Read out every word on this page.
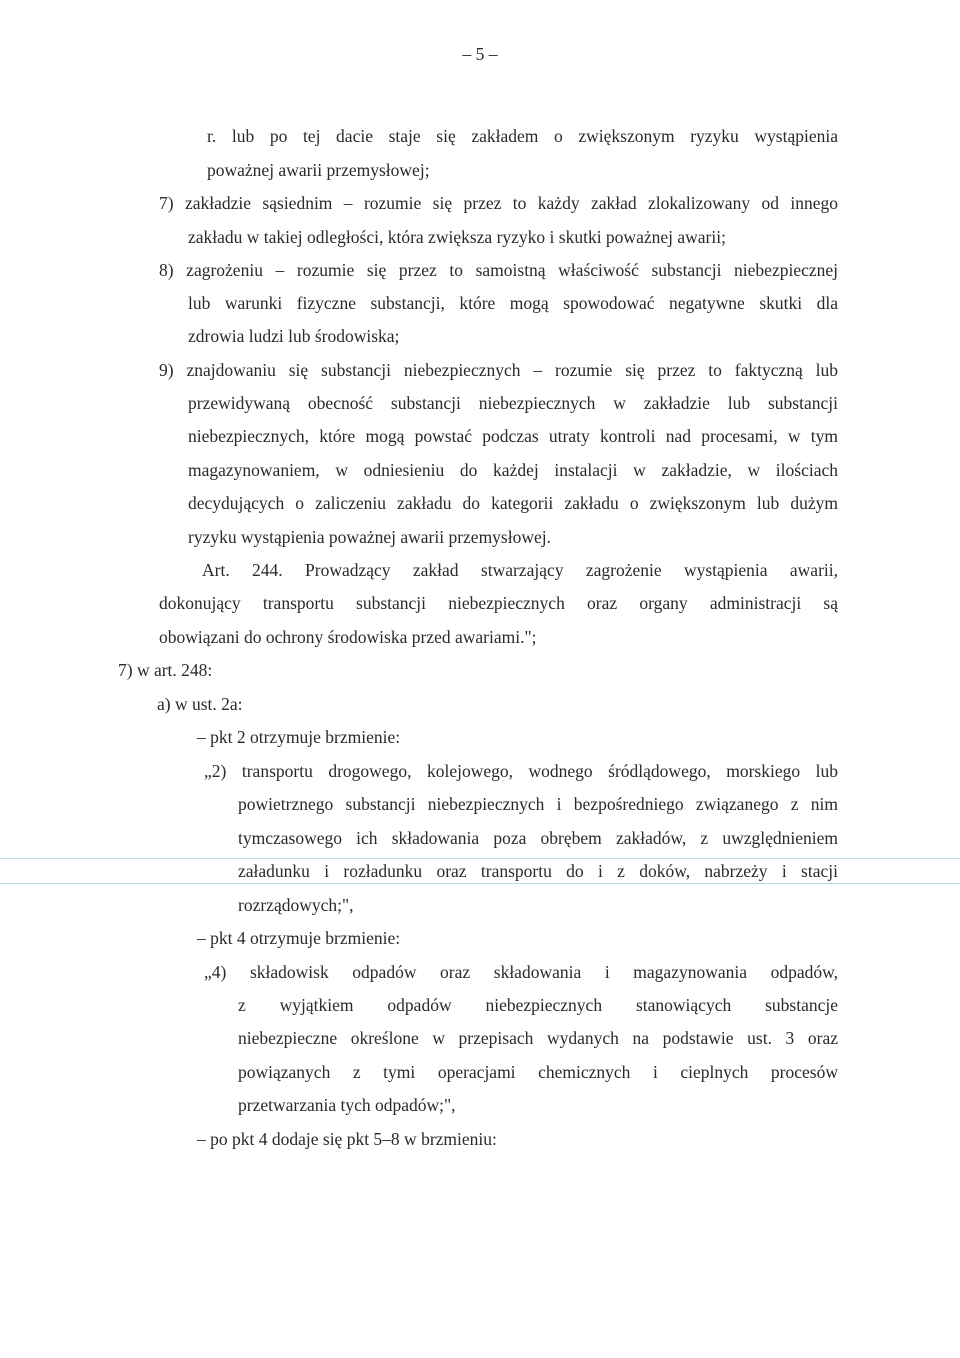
– 5 –
r. lub po tej dacie staje się zakładem o zwiększonym ryzyku wystąpienia
poważnej awarii przemysłowej;
7) zakładzie sąsiednim – rozumie się przez to każdy zakład zlokalizowany od innego
zakładu w takiej odległości, która zwiększa ryzyko i skutki poważnej awarii;
8) zagrożeniu – rozumie się przez to samoistną właściwość substancji niebezpiecznej
lub warunki fizyczne substancji, które mogą spowodować negatywne skutki dla
zdrowia ludzi lub środowiska;
9) znajdowaniu się substancji niebezpiecznych – rozumie się przez to faktyczną lub
przewidywaną obecność substancji niebezpiecznych w zakładzie lub substancji
niebezpiecznych, które mogą powstać podczas utraty kontroli nad procesami, w tym
magazynowaniem, w odniesieniu do każdej instalacji w zakładzie, w ilościach
decydujących o zaliczeniu zakładu do kategorii zakładu o zwiększonym lub dużym
ryzyku wystąpienia poważnej awarii przemysłowej.
Art. 244. Prowadzący zakład stwarzający zagrożenie wystąpienia awarii,
dokonujący transportu substancji niebezpiecznych oraz organy administracji są
obowiązani do ochrony środowiska przed awariami.";
7) w art. 248:
a) w ust. 2a:
– pkt 2 otrzymuje brzmienie:
„2) transportu drogowego, kolejowego, wodnego śródlądowego, morskiego lub
powietrznego substancji niebezpiecznych i bezpośredniego związanego z nim
tymczasowego ich składowania poza obrębem zakładów, z uwzględnieniem
załadunku i rozładunku oraz transportu do i z doków, nabrzeży i stacji
rozrządowych;",
– pkt 4 otrzymuje brzmienie:
„4) składowisk odpadów oraz składowania i magazynowania odpadów,
z wyjątkiem odpadów niebezpiecznych stanowiących substancje
niebezpieczne określone w przepisach wydanych na podstawie ust. 3 oraz
powiązanych z tymi operacjami chemicznych i cieplnych procesów
przetwarzania tych odpadów;",
– po pkt 4 dodaje się pkt 5–8 w brzmieniu:
